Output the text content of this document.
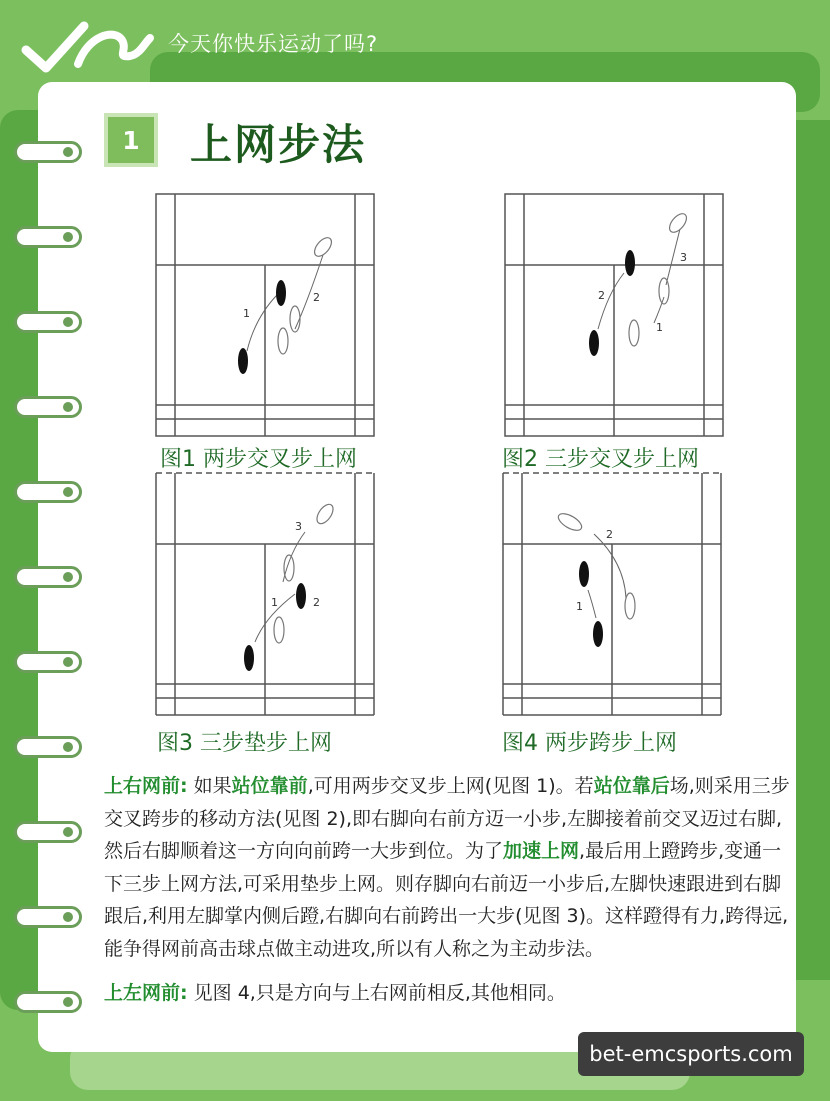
今天你快乐运动了吗?
1	上网步法
1
2
图1 两步交叉步上网
1
2
3
图2 三步交叉步上网
1	2
3
图3 三步垫步上网
1
2
图4 两步跨步上网

上右网前: 如果站位靠前,可用两步交叉步上网(见图 1)。若站位靠后场,则采用三步交叉跨步的移动方法(见图 2),即右脚向右前方迈一小步,左脚接着前交叉迈过右脚,然后右脚顺着这一方向向前跨一大步到位。为了加速上网,最后用上蹬跨步,变通一下三步上网方法,可采用垫步上网。则存脚向右前迈一小步后,左脚快速跟进到右脚跟后,利用左脚掌内侧后蹬,右脚向右前跨出一大步(见图 3)。这样蹬得有力,跨得远,能争得网前高击球点做主动进攻,所以有人称之为主动步法。

上左网前: 见图 4,只是方向与上右网前相反,其他相同。

bet-emcsports.com
